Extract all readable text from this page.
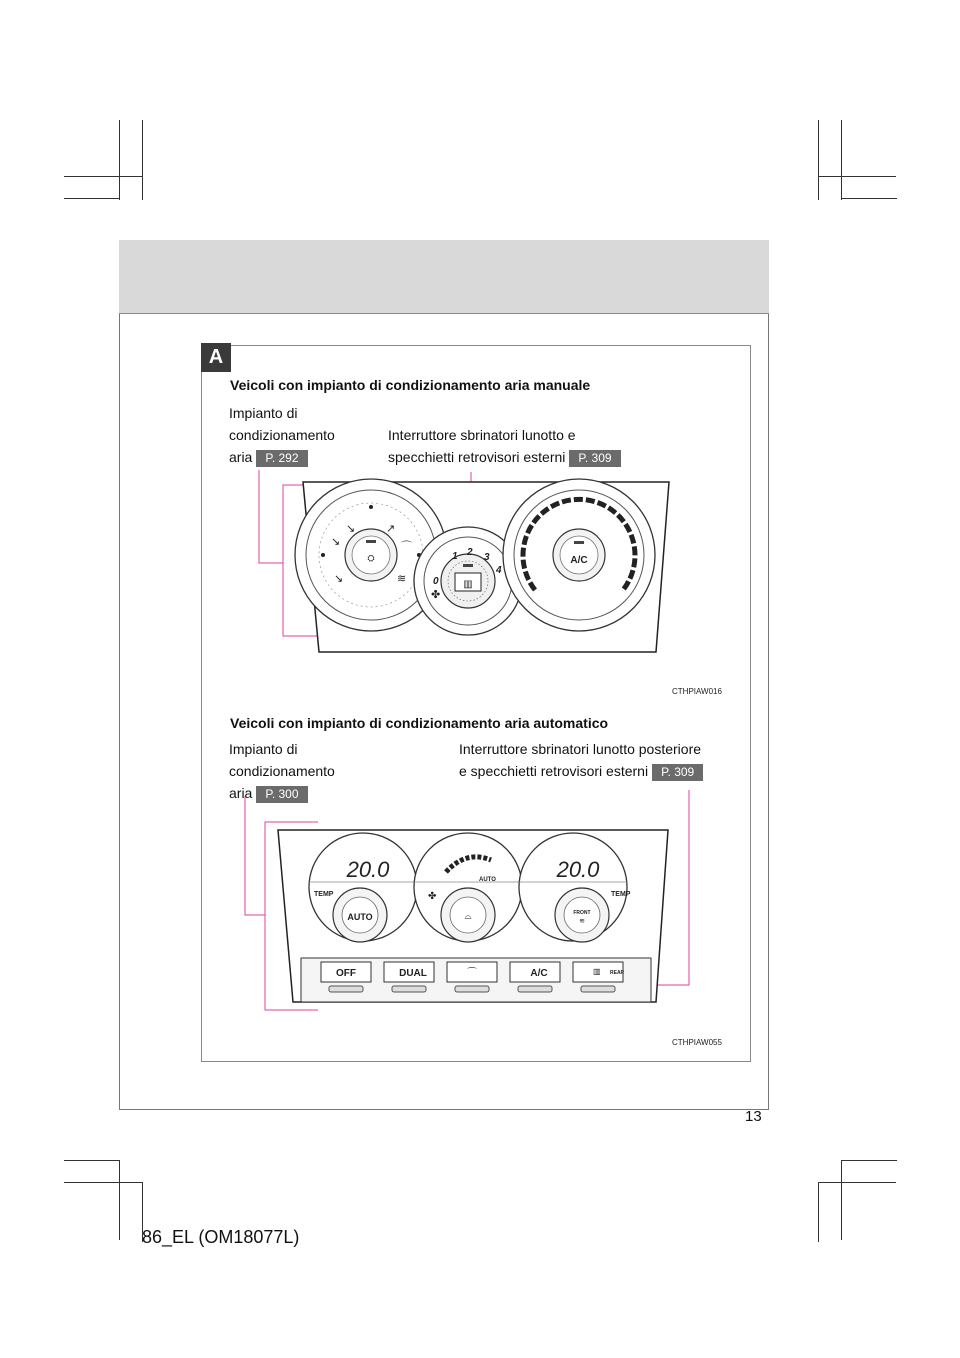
A
Veicoli con impianto di condizionamento aria manuale
Impianto di
condizionamento
aria P. 292
Interruttore sbrinatori lunotto e
specchietti retrovisori esterni P. 309
⛭
↘
↘	↗
↘
⌒
≋	▥
0
1 2 3
4
✤
A/C
CTHPIAW016
Veicoli con impianto di condizionamento aria automatico
Impianto di
condizionamento
aria P. 300
Interruttore sbrinatori lunotto posteriore
e specchietti retrovisori esterni P. 309
20.0
TEMP
AUTO
AUTO
✤
⌓
20.0
TEMP
FRONT
≋
OFF	DUAL	⌒	A/C	▥ REAR
CTHPIAW055
13
86_EL (OM18077L)
